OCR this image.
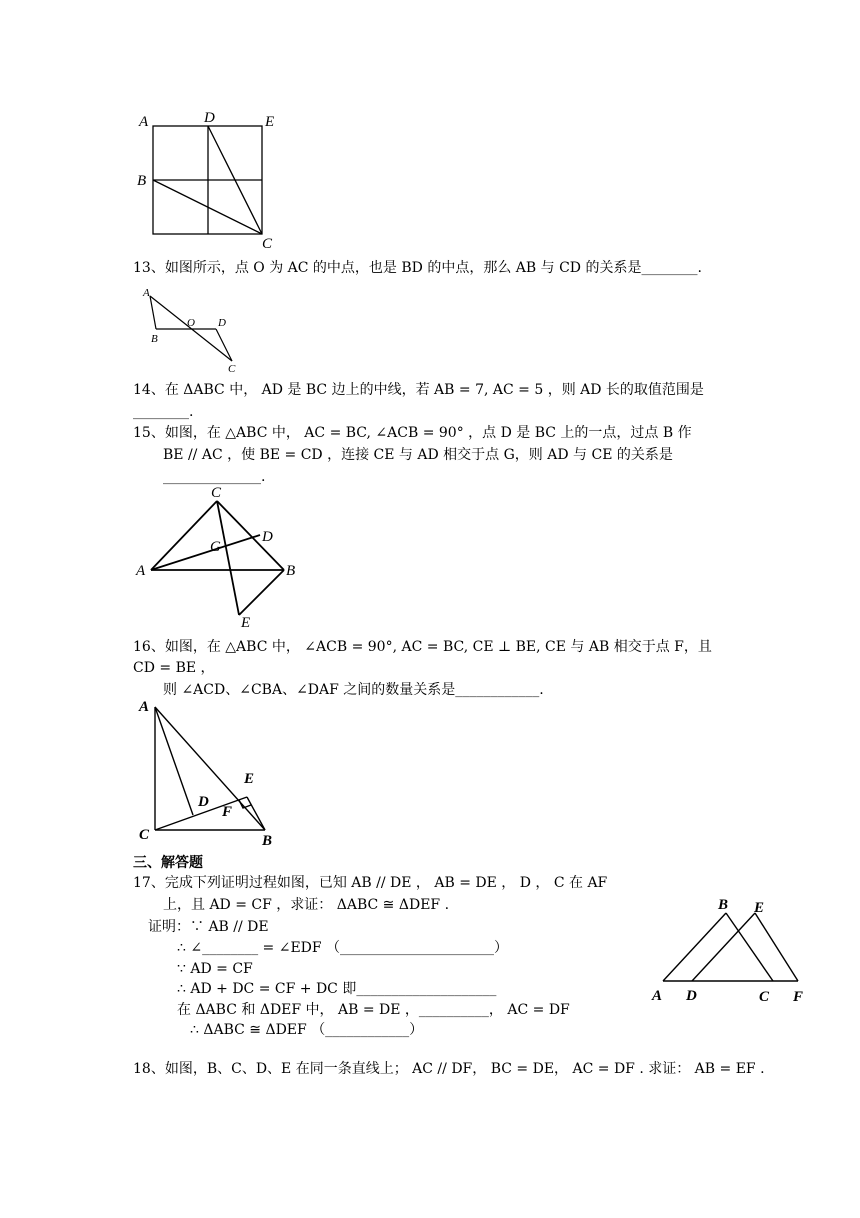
A	D	E
B
C
13、如图所示，点 O 为 AC 的中点，也是 BD 的中点，那么 AB 与 CD 的关系是________.
A
O D
B
C
14、在 ΔABC 中， AD 是 BC 边上的中线，若 AB = 7, AC = 5 ，则 AD 长的取值范围是
________.
15、如图，在 △ABC 中， AC = BC, ∠ACB = 90° ，点 D 是 BC 上的一点，过点 B 作
BE // AC ，使 BE = CD ，连接 CE 与 AD 相交于点 G，则 AD 与 CE 的关系是
______________.
C
G
D
A	B
E
16、如图，在 △ABC 中， ∠ACB = 90°, AC = BC, CE ⊥ BE, CE 与 AB 相交于点 F，且
CD = BE ，
则 ∠ACD、∠CBA、∠DAF 之间的数量关系是____________.
A
E
D
F
C	B
三、解答题
17、完成下列证明过程如图，已知 AB // DE ， AB = DE ， D ， C 在 AF
上，且 AD = CF ，求证： ΔABC ≅ ΔDEF .
证明：∵ AB // DE
∴ ∠________ = ∠EDF （______________________）
∵ AD = CF
∴ AD + DC = CF + DC 即____________________
在 ΔABC 和 ΔDEF 中， AB = DE ，__________， AC = DF
∴ ΔABC ≅ ΔDEF （____________）
B E
A D	C F
18、如图，B、C、D、E 在同一条直线上； AC // DF， BC = DE， AC = DF . 求证： AB = EF .
